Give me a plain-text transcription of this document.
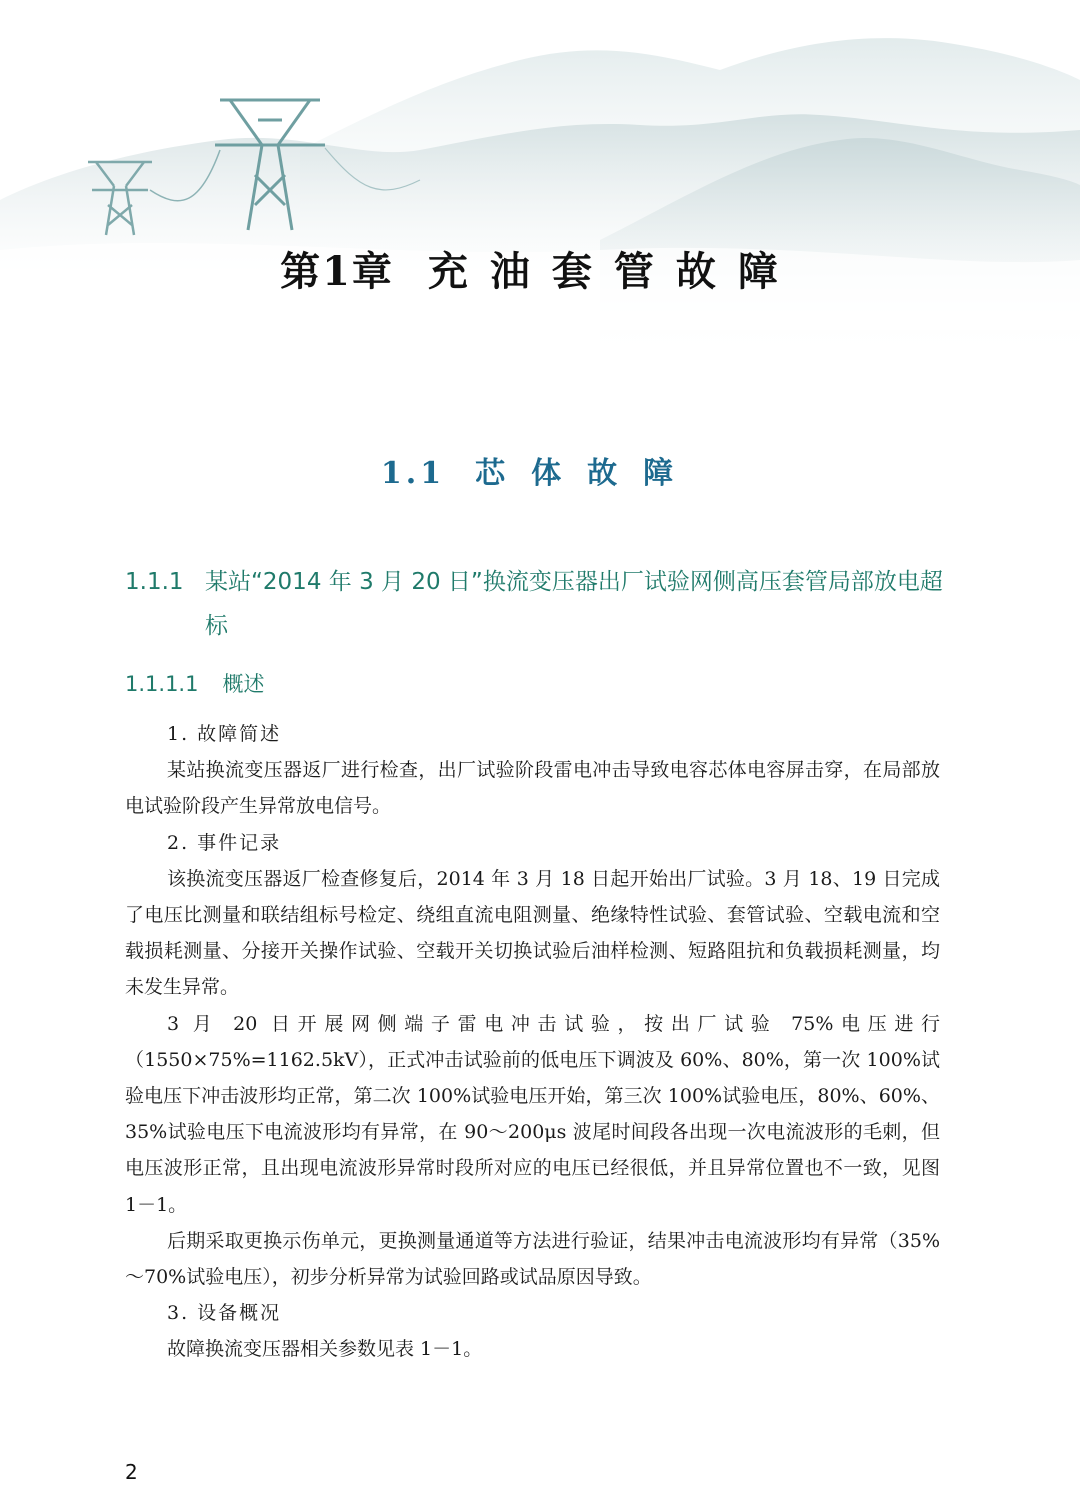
第1章 充油套管故障
1.1 芯体故障
1.1.1 某站“2014 年 3 月 20 日”换流变压器出厂试验网侧高压套管局部放电超标
1.1.1.1 概述
1. 故障简述

某站换流变压器返厂进行检查，出厂试验阶段雷电冲击导致电容芯体电容屏击穿，在局部放电试验阶段产生异常放电信号。

2. 事件记录

该换流变压器返厂检查修复后，2014 年 3 月 18 日起开始出厂试验。3 月 18、19 日完成了电压比测量和联结组标号检定、绕组直流电阻测量、绝缘特性试验、套管试验、空载电流和空载损耗测量、分接开关操作试验、空载开关切换试验后油样检测、短路阻抗和负载损耗测量，均未发生异常。

3 月 20 日开展网侧端子雷电冲击试验，按出厂试验 75%电压进行（1550×75%=1162.5kV），正式冲击试验前的低电压下调波及 60%、80%，第一次 100%试验电压下冲击波形均正常，第二次 100%试验电压开始，第三次 100%试验电压，80%、60%、35%试验电压下电流波形均有异常，在 90～200μs 波尾时间段各出现一次电流波形的毛刺，但电压波形正常，且出现电流波形异常时段所对应的电压已经很低，并且异常位置也不一致，见图 1－1。

后期采取更换示伤单元，更换测量通道等方法进行验证，结果冲击电流波形均有异常（35%～70%试验电压），初步分析异常为试验回路或试品原因导致。

3. 设备概况

故障换流变压器相关参数见表 1－1。

2
